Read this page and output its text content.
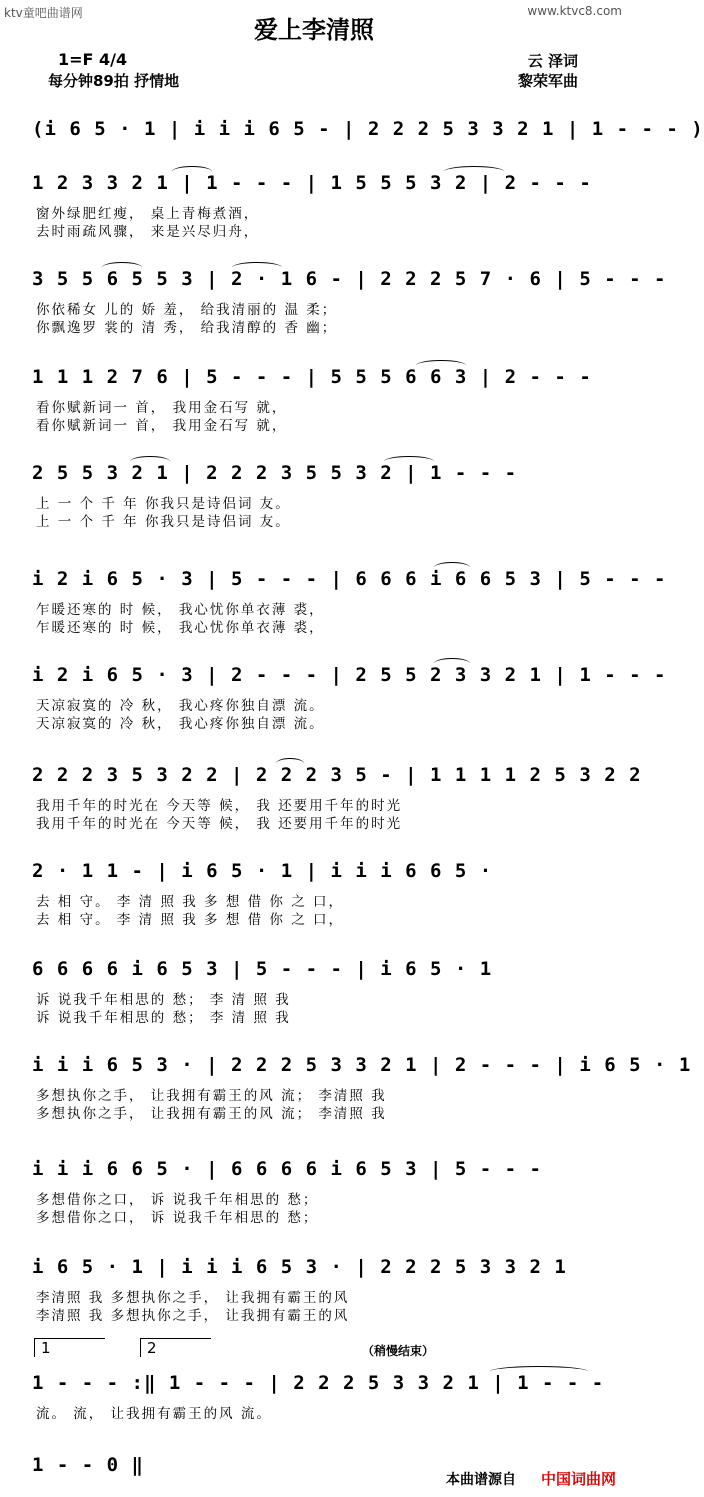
ktv童吧曲谱网	www.ktvc8.com
爱上李清照
1=F 4/4
每分钟89拍 抒情地
云 泽词
黎荣军曲
(i 6 5 · 1 | i i i 6 5 - | 2 2 2 5 3 3 2 1 | 1 - - - )
1 2 3 3 2 1 | 1 - - - | 1 5 5 5 3 2 | 2 - - -
窗外绿肥红瘦， 桌上青梅煮酒，
去时雨疏风骤， 来是兴尽归舟，
3 5 5 6 5 5 3 | 2 · 1 6 - | 2 2 2 5 7 · 6 | 5 - - -
你依稀女 儿的 娇 羞， 给我清丽的 温 柔；
你飘逸罗 裳的 清 秀， 给我清醇的 香 幽；
1 1 1 2 7 6 | 5 - - - | 5 5 5 6 6 3 | 2 - - -
看你赋新词一 首， 我用金石写 就，
看你赋新词一 首， 我用金石写 就，
2 5 5 3 2 1 | 2 2 2 3 5 5 3 2 | 1 - - -
上 一 个 千 年 你我只是诗侣词 友。
上 一 个 千 年 你我只是诗侣词 友。
i 2 i 6 5 · 3 | 5 - - - | 6 6 6 i 6 6 5 3 | 5 - - -
乍暖还寒的 时 候， 我心忧你单衣薄 裘，
乍暖还寒的 时 候， 我心忧你单衣薄 裘，
i 2 i 6 5 · 3 | 2 - - - | 2 5 5 2 3 3 2 1 | 1 - - -
天凉寂寞的 冷 秋， 我心疼你独自漂 流。
天凉寂寞的 冷 秋， 我心疼你独自漂 流。
2 2 2 3 5 3 2 2 | 2 2 2 3 5 - | 1 1 1 1 2 5 3 2 2
我用千年的时光在 今天等 候， 我 还要用千年的时光
我用千年的时光在 今天等 候， 我 还要用千年的时光
2 · 1 1 - | i 6 5 · 1 | i i i 6 6 5 ·
去 相 守。 李 清 照 我 多 想 借 你 之 口，
去 相 守。 李 清 照 我 多 想 借 你 之 口，
6 6 6 6 i 6 5 3 | 5 - - - | i 6 5 · 1
诉 说我千年相思的 愁； 李 清 照 我
诉 说我千年相思的 愁； 李 清 照 我
i i i 6 5 3 · | 2 2 2 5 3 3 2 1 | 2 - - - | i 6 5 · 1
多想执你之手， 让我拥有霸王的风 流； 李清照 我
多想执你之手， 让我拥有霸王的风 流； 李清照 我
i i i 6 6 5 · | 6 6 6 6 i 6 5 3 | 5 - - -
多想借你之口， 诉 说我千年相思的 愁；
多想借你之口， 诉 说我千年相思的 愁；
i 6 5 · 1 | i i i 6 5 3 · | 2 2 2 5 3 3 2 1
李清照 我 多想执你之手， 让我拥有霸王的风
李清照 我 多想执你之手， 让我拥有霸王的风
1	2	（稍慢结束）
1 - - - :‖ 1 - - - | 2 2 2 5 3 3 2 1 | 1 - - -
流。 流， 让我拥有霸王的风 流。
1 - - 0 ‖
本曲谱源自 中国词曲网
